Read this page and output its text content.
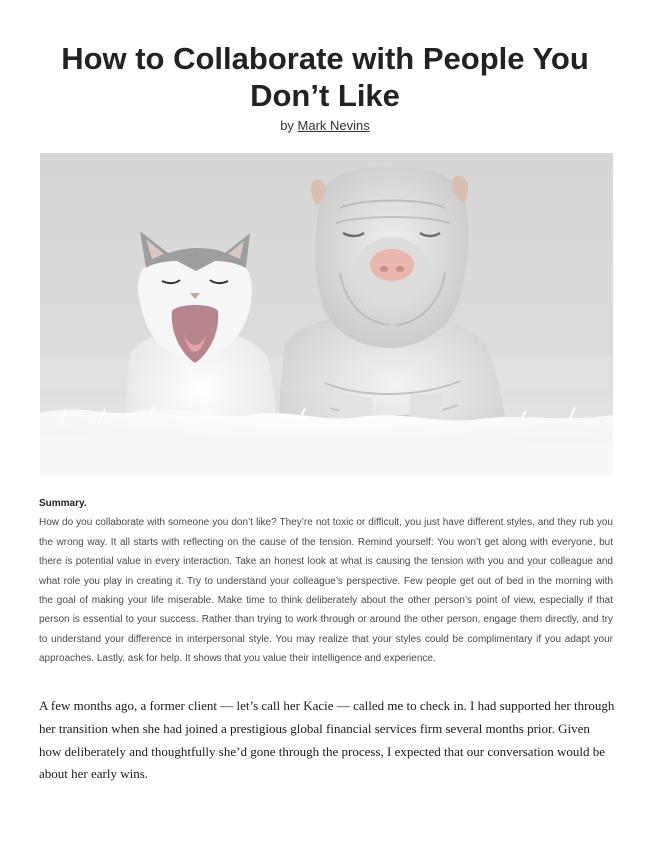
How to Collaborate with People You Don’t Like
by Mark Nevins
Summary.
How do you collaborate with someone you don’t like? They’re not toxic or difficult, you just have different styles, and they rub you the wrong way. It all starts with reflecting on the cause of the tension. Remind yourself: You won’t get along with everyone, but there is potential value in every interaction. Take an honest look at what is causing the tension with you and your colleague and what role you play in creating it. Try to understand your colleague’s perspective. Few people get out of bed in the morning with the goal of making your life miserable. Make time to think deliberately about the other person’s point of view, especially if that person is essential to your success. Rather than trying to work through or around the other person, engage them directly, and try to understand your difference in interpersonal style. You may realize that your styles could be complimentary if you adapt your approaches. Lastly, ask for help. It shows that you value their intelligence and experience.

A few months ago, a former client — let’s call her Kacie — called me to check in. I had supported her through her transition when she had joined a prestigious global financial services firm several months prior. Given how deliberately and thoughtfully she’d gone through the process, I expected that our conversation would be about her early wins.
